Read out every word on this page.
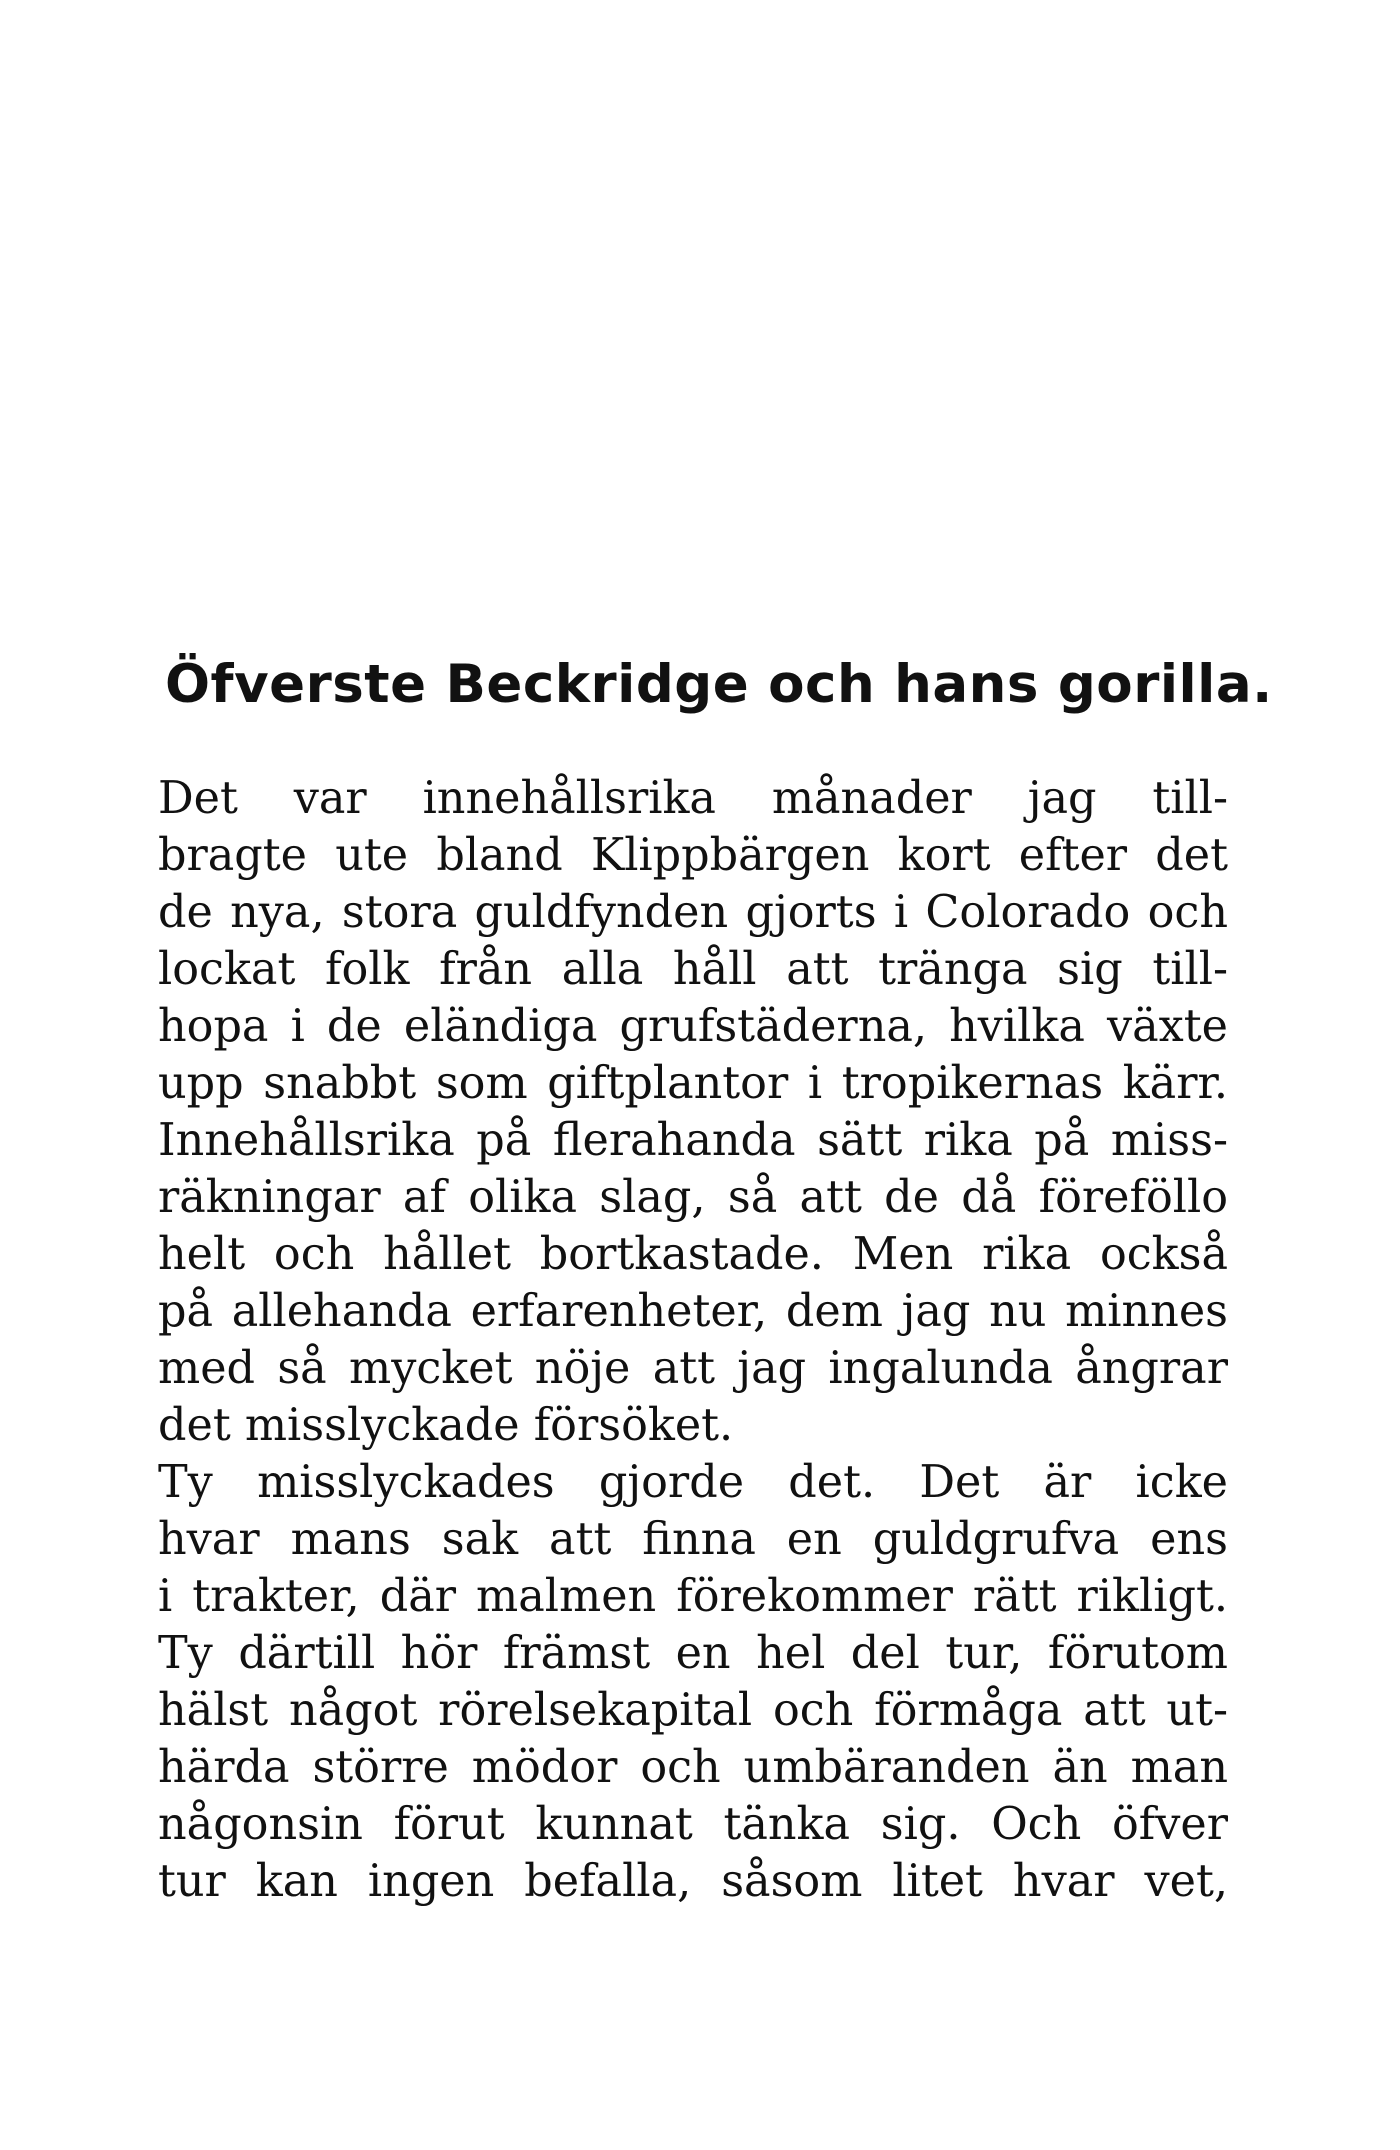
Öfverste Beckridge och hans gorilla.
Det var innehållsrika månader jag till-
bragte ute bland Klippbärgen kort efter det
de nya, stora guldfynden gjorts i Colorado och
lockat folk från alla håll att tränga sig till-
hopa i de eländiga grufstäderna, hvilka växte
upp snabbt som giftplantor i tropikernas kärr.
Innehållsrika på flerahanda sätt rika på miss-
räkningar af olika slag, så att de då föreföllo
helt och hållet bortkastade. Men rika också
på allehanda erfarenheter, dem jag nu minnes
med så mycket nöje att jag ingalunda ångrar
det misslyckade försöket.
Ty misslyckades gjorde det. Det är icke
hvar mans sak att finna en guldgrufva ens
i trakter, där malmen förekommer rätt rikligt.
Ty därtill hör främst en hel del tur, förutom
hälst något rörelsekapital och förmåga att ut-
härda större mödor och umbäranden än man
någonsin förut kunnat tänka sig. Och öfver
tur kan ingen befalla, såsom litet hvar vet,
